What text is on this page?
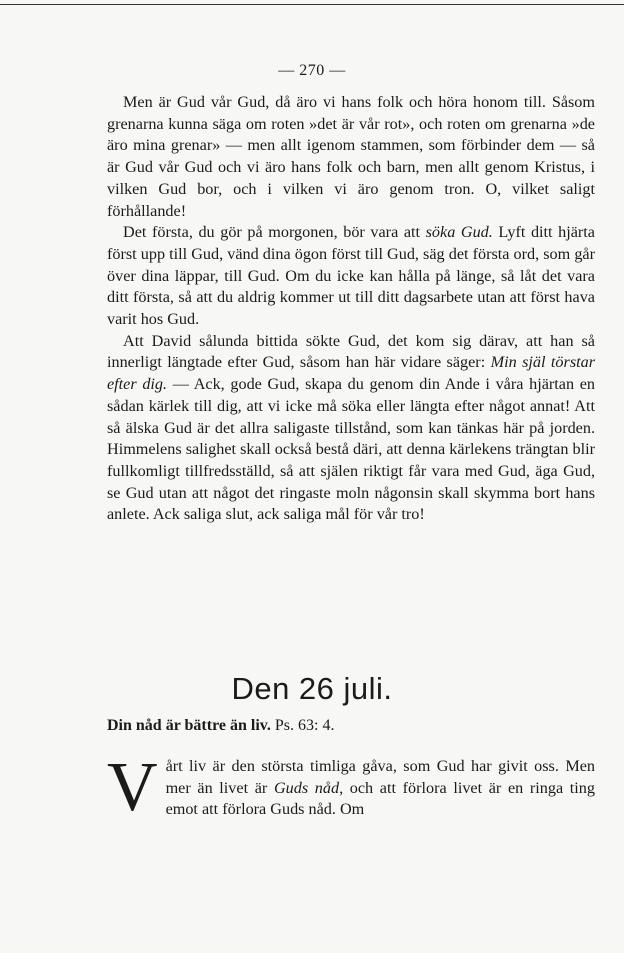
— 270 —

Men är Gud vår Gud, då äro vi hans folk och höra honom till. Såsom grenarna kunna säga om roten »det är vår rot», och roten om grenarna »de äro mina grenar» — men allt igenom stammen, som förbinder dem — så är Gud vår Gud och vi äro hans folk och barn, men allt genom Kristus, i vilken Gud bor, och i vilken vi äro genom tron. O, vilket saligt förhållande!

Det första, du gör på morgonen, bör vara att söka Gud. Lyft ditt hjärta först upp till Gud, vänd dina ögon först till Gud, säg det första ord, som går över dina läppar, till Gud. Om du icke kan hålla på länge, så låt det vara ditt första, så att du aldrig kommer ut till ditt dagsarbete utan att först hava varit hos Gud.

Att David sålunda bittida sökte Gud, det kom sig därav, att han så innerligt längtade efter Gud, såsom han här vidare säger: Min själ törstar efter dig. — Ack, gode Gud, skapa du genom din Ande i våra hjärtan en sådan kärlek till dig, att vi icke må söka eller längta efter något annat! Att så älska Gud är det allra saligaste tillstånd, som kan tänkas här på jorden. Himmelens salighet skall också bestå däri, att denna kärlekens trängtan blir fullkomligt tillfredsställd, så att själen riktigt får vara med Gud, äga Gud, se Gud utan att något det ringaste moln någonsin skall skymma bort hans anlete. Ack saliga slut, ack saliga mål för vår tro!

Den 26 juli.
Din nåd är bättre än liv. Ps. 63: 4.
V årt liv är den största timliga gåva, som Gud har givit oss. Men mer än livet är Guds nåd, och att förlora livet är en ringa ting emot att förlora Guds nåd. Om
